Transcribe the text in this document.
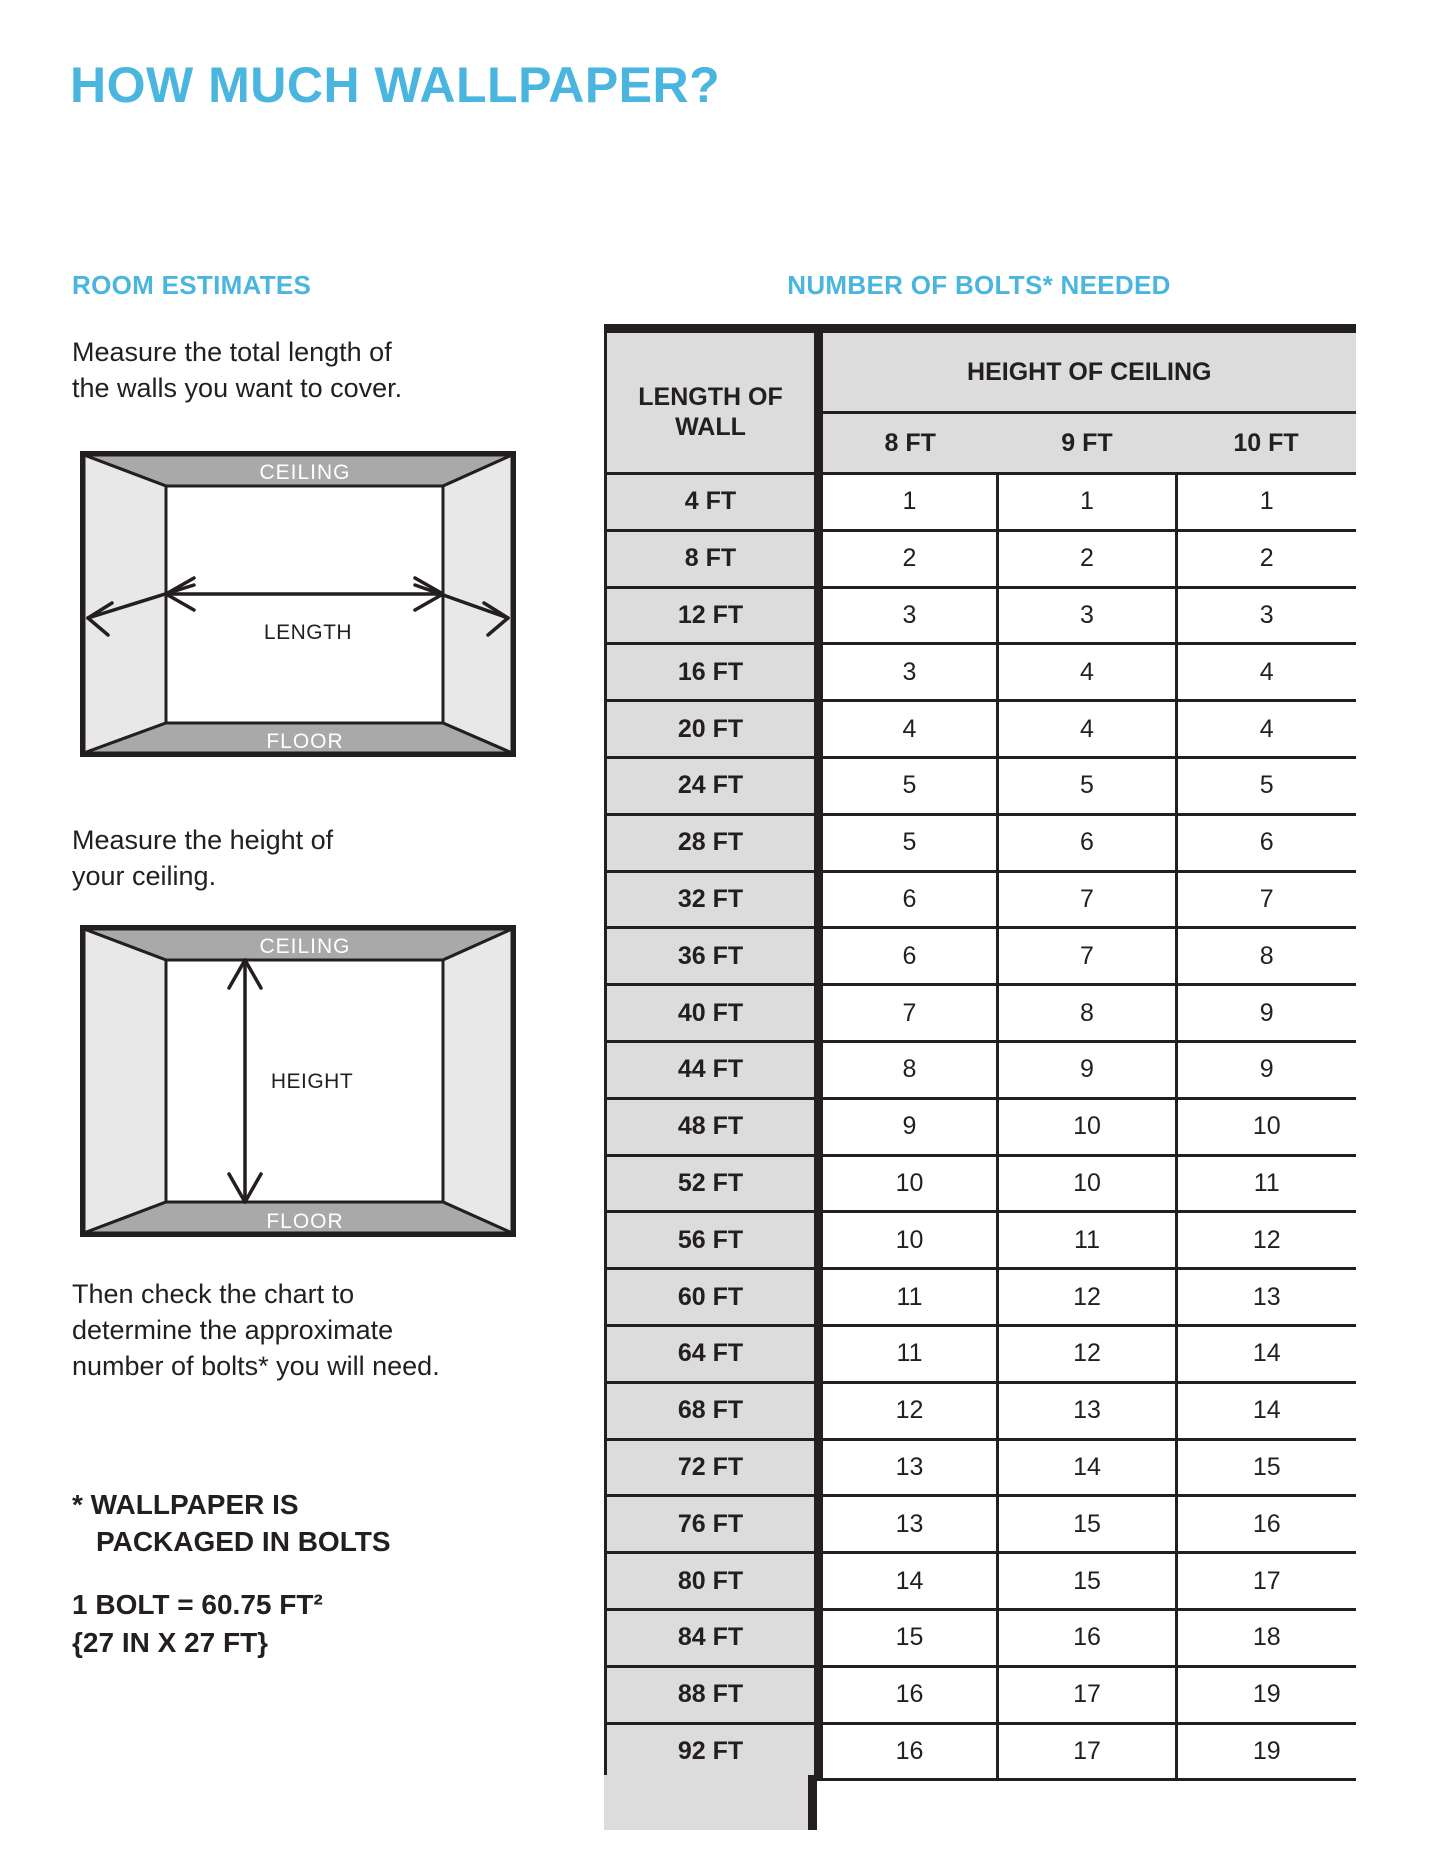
HOW MUCH WALLPAPER?
ROOM ESTIMATES	NUMBER OF BOLTS* NEEDED
Measure the total length of
the walls you want to cover.
CEILING
FLOOR
LENGTH
Measure the height of
your ceiling.
CEILING
FLOOR
HEIGHT
Then check the chart to
determine the approximate
number of bolts* you will need.
* WALLPAPER IS
PACKAGED IN BOLTS
1 BOLT = 60.75 FT²
{27 IN X 27 FT}
LENGTH OF WALL	HEIGHT OF CEILING		
	8 FT	9 FT	10 FT
4 FT	1	1	1
8 FT	2	2	2
12 FT	3	3	3
16 FT	3	4	4
20 FT	4	4	4
24 FT	5	5	5
28 FT	5	6	6
32 FT	6	7	7
36 FT	6	7	8
40 FT	7	8	9
44 FT	8	9	9
48 FT	9	10	10
52 FT	10	10	11
56 FT	10	11	12
60 FT	11	12	13
64 FT	11	12	14
68 FT	12	13	14
72 FT	13	14	15
76 FT	13	15	16
80 FT	14	15	17
84 FT	15	16	18
88 FT	16	17	19
92 FT	16	17	19
